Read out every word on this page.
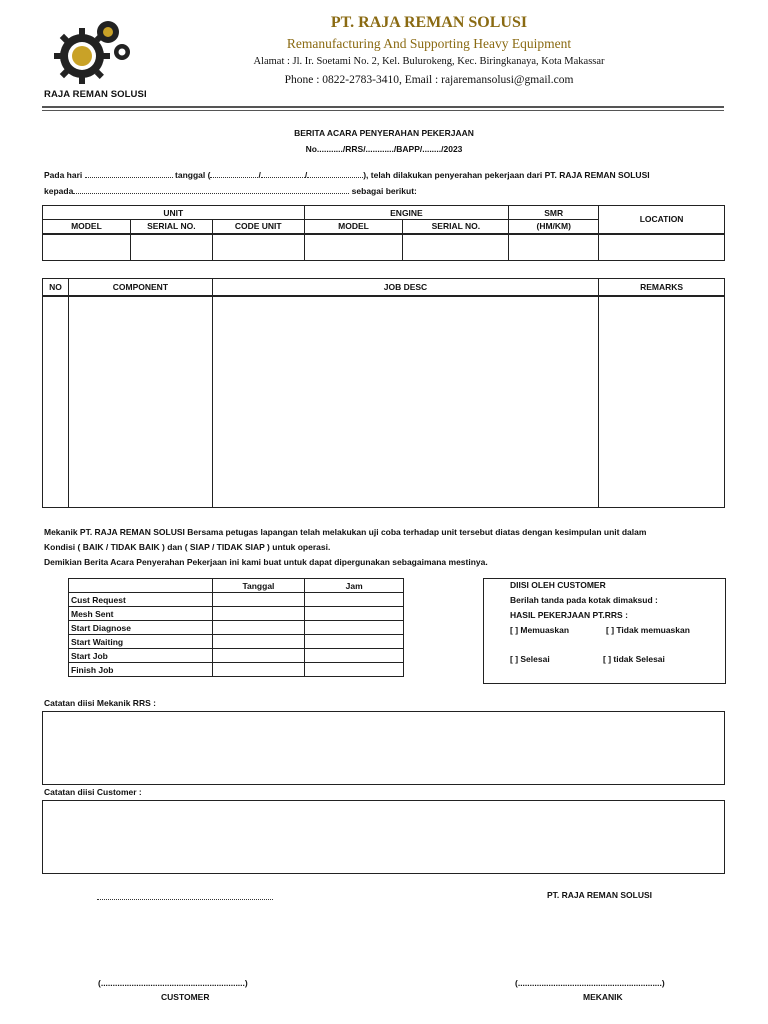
RAJA REMAN SOLUSI
PT. RAJA REMAN SOLUSI
Remanufacturing And Supporting Heavy Equipment
Alamat : Jl. Ir. Soetami No. 2, Kel. Bulurokeng, Kec. Biringkanaya, Kota Makassar
Phone : 0822-2783-3410, Email : rajaremansolusi@gmail.com
BERITA ACARA PENYERAHAN PEKERJAAN
No.........../RRS/............/BAPP/......../2023
Pada hari	tanggal (	/	/	), telah dilakukan penyerahan pekerjaan dari PT. RAJA REMAN SOLUSI
kepada	sebagai berikut:
UNIT			ENGINE		SMR	LOCATION
MODEL	SERIAL NO.	CODE UNIT	MODEL	SERIAL NO.	(HM/KM)	

NO	COMPONENT	JOB DESC	REMARKS

Mekanik PT. RAJA REMAN SOLUSI Bersama petugas lapangan telah melakukan uji coba terhadap unit tersebut diatas dengan kesimpulan unit dalam
Kondisi ( BAIK / TIDAK BAIK ) dan ( SIAP / TIDAK SIAP ) untuk operasi.
Demikian Berita Acara Penyerahan Pekerjaan ini kami buat untuk dapat dipergunakan sebagaimana mestinya.
	Tanggal	Jam
Cust Request		
Mesh Sent		
Start Diagnose		
Start Waiting		
Start Job		
Finish Job		
DIISI OLEH CUSTOMER
Berilah tanda pada kotak dimaksud :
HASIL PEKERJAAN PT.RRS :
[ ] Memuaskan	[ ] Tidak memuaskan
[ ] Selesai	[ ] tidak Selesai
Catatan diisi Mekanik RRS :
Catatan diisi Customer :
PT. RAJA REMAN SOLUSI
(.............................................................)
CUSTOMER
(.............................................................)
MEKANIK
